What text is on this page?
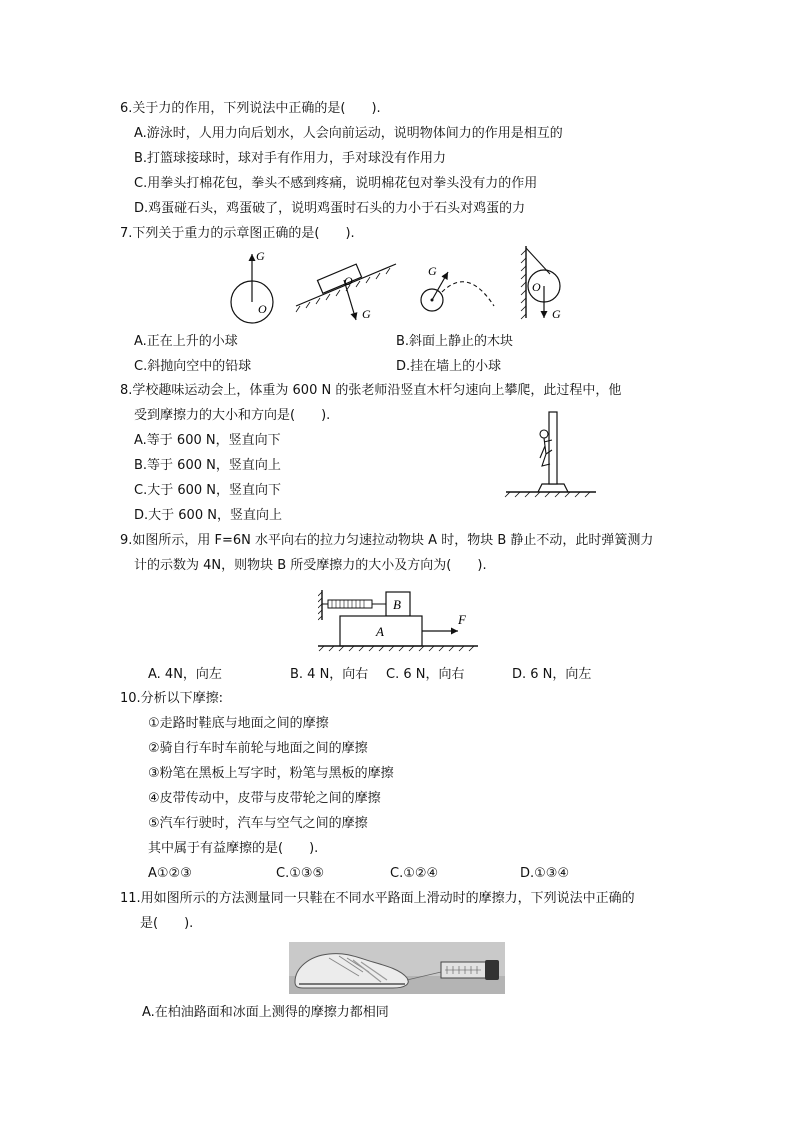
6.关于力的作用，下列说法中正确的是(　　).
A.游泳时，人用力向后划水，人会向前运动，说明物体间力的作用是相互的
B.打篮球接球时，球对手有作用力，手对球没有作用力
C.用拳头打棉花包，拳头不感到疼痛，说明棉花包对拳头没有力的作用
D.鸡蛋碰石头，鸡蛋破了，说明鸡蛋时石头的力小于石头对鸡蛋的力
7.下列关于重力的示章图正确的是(　　).
G
O
O
G
G
O
G
A.正在上升的小球	B.斜面上静止的木块
C.斜抛向空中的铅球	D.挂在墙上的小球
8.学校趣味运动会上，体重为 600 N 的张老师沿竖直木杆匀速向上攀爬，此过程中，他
受到摩擦力的大小和方向是(　　).
A.等于 600 N，竖直向下
B.等于 600 N，竖直向上
C.大于 600 N，竖直向下
D.大于 600 N，竖直向上
9.如图所示，用 F=6N 水平向右的拉力匀速拉动物块 A 时，物块 B 静止不动，此时弹簧测力
计的示数为 4N，则物块 B 所受摩擦力的大小及方向为(　　).
B
A
F
A. 4N，向左	B. 4 N，向右 C. 6 N，向右	D. 6 N，向左
10.分析以下摩擦:
①走路时鞋底与地面之间的摩擦
②骑自行车时车前轮与地面之间的摩擦
③粉笔在黑板上写字时，粉笔与黑板的摩擦
④皮带传动中，皮带与皮带轮之间的摩擦
⑤汽车行驶时，汽车与空气之间的摩擦
其中属于有益摩擦的是(　　).
A①②③	C.①③⑤	C.①②④	D.①③④
11.用如图所示的方法测量同一只鞋在不同水平路面上滑动时的摩擦力，下列说法中正确的
是(　　).
A.在柏油路面和冰面上测得的摩擦力都相同
